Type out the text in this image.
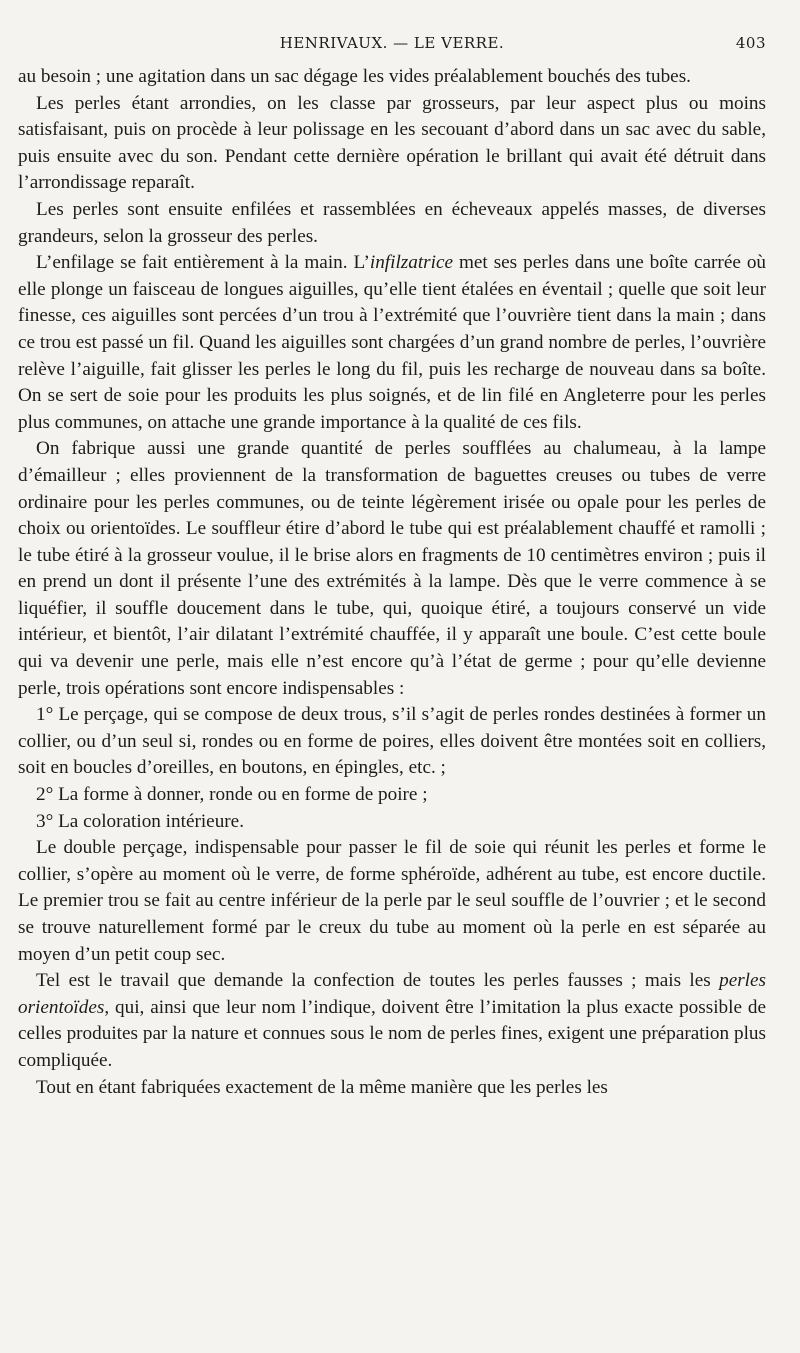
HENRIVAUX. — LE VERRE.	403

au besoin ; une agitation dans un sac dégage les vides préalablement bouchés des tubes.

Les perles étant arrondies, on les classe par grosseurs, par leur aspect plus ou moins satisfaisant, puis on procède à leur polissage en les secouant d’abord dans un sac avec du sable, puis ensuite avec du son. Pendant cette dernière opération le brillant qui avait été détruit dans l’arrondissage reparaît.

Les perles sont ensuite enfilées et rassemblées en écheveaux appelés masses, de diverses grandeurs, selon la grosseur des perles.

L’enfilage se fait entièrement à la main. L’infilzatrice met ses perles dans une boîte carrée où elle plonge un faisceau de longues aiguilles, qu’elle tient étalées en éventail ; quelle que soit leur finesse, ces aiguilles sont percées d’un trou à l’extrémité que l’ouvrière tient dans la main ; dans ce trou est passé un fil. Quand les aiguilles sont chargées d’un grand nombre de perles, l’ouvrière relève l’aiguille, fait glisser les perles le long du fil, puis les recharge de nouveau dans sa boîte. On se sert de soie pour les produits les plus soignés, et de lin filé en Angleterre pour les perles plus communes, on attache une grande importance à la qualité de ces fils.

On fabrique aussi une grande quantité de perles soufflées au chalumeau, à la lampe d’émailleur ; elles proviennent de la transformation de baguettes creuses ou tubes de verre ordinaire pour les perles communes, ou de teinte légèrement irisée ou opale pour les perles de choix ou orientoïdes. Le souffleur étire d’abord le tube qui est préalablement chauffé et ramolli ; le tube étiré à la grosseur voulue, il le brise alors en fragments de 10 centimètres environ ; puis il en prend un dont il présente l’une des extrémités à la lampe. Dès que le verre commence à se liquéfier, il souffle doucement dans le tube, qui, quoique étiré, a toujours conservé un vide intérieur, et bientôt, l’air dilatant l’extrémité chauffée, il y apparaît une boule. C’est cette boule qui va devenir une perle, mais elle n’est encore qu’à l’état de germe ; pour qu’elle devienne perle, trois opérations sont encore indispensables :

1° Le perçage, qui se compose de deux trous, s’il s’agit de perles rondes destinées à former un collier, ou d’un seul si, rondes ou en forme de poires, elles doivent être montées soit en colliers, soit en boucles d’oreilles, en boutons, en épingles, etc. ;

2° La forme à donner, ronde ou en forme de poire ;

3° La coloration intérieure.

Le double perçage, indispensable pour passer le fil de soie qui réunit les perles et forme le collier, s’opère au moment où le verre, de forme sphéroïde, adhérent au tube, est encore ductile. Le premier trou se fait au centre inférieur de la perle par le seul souffle de l’ouvrier ; et le second se trouve naturellement formé par le creux du tube au moment où la perle en est séparée au moyen d’un petit coup sec.

Tel est le travail que demande la confection de toutes les perles fausses ; mais les perles orientoïdes, qui, ainsi que leur nom l’indique, doivent être l’imitation la plus exacte possible de celles produites par la nature et connues sous le nom de perles fines, exigent une préparation plus compliquée.

Tout en étant fabriquées exactement de la même manière que les perles les
